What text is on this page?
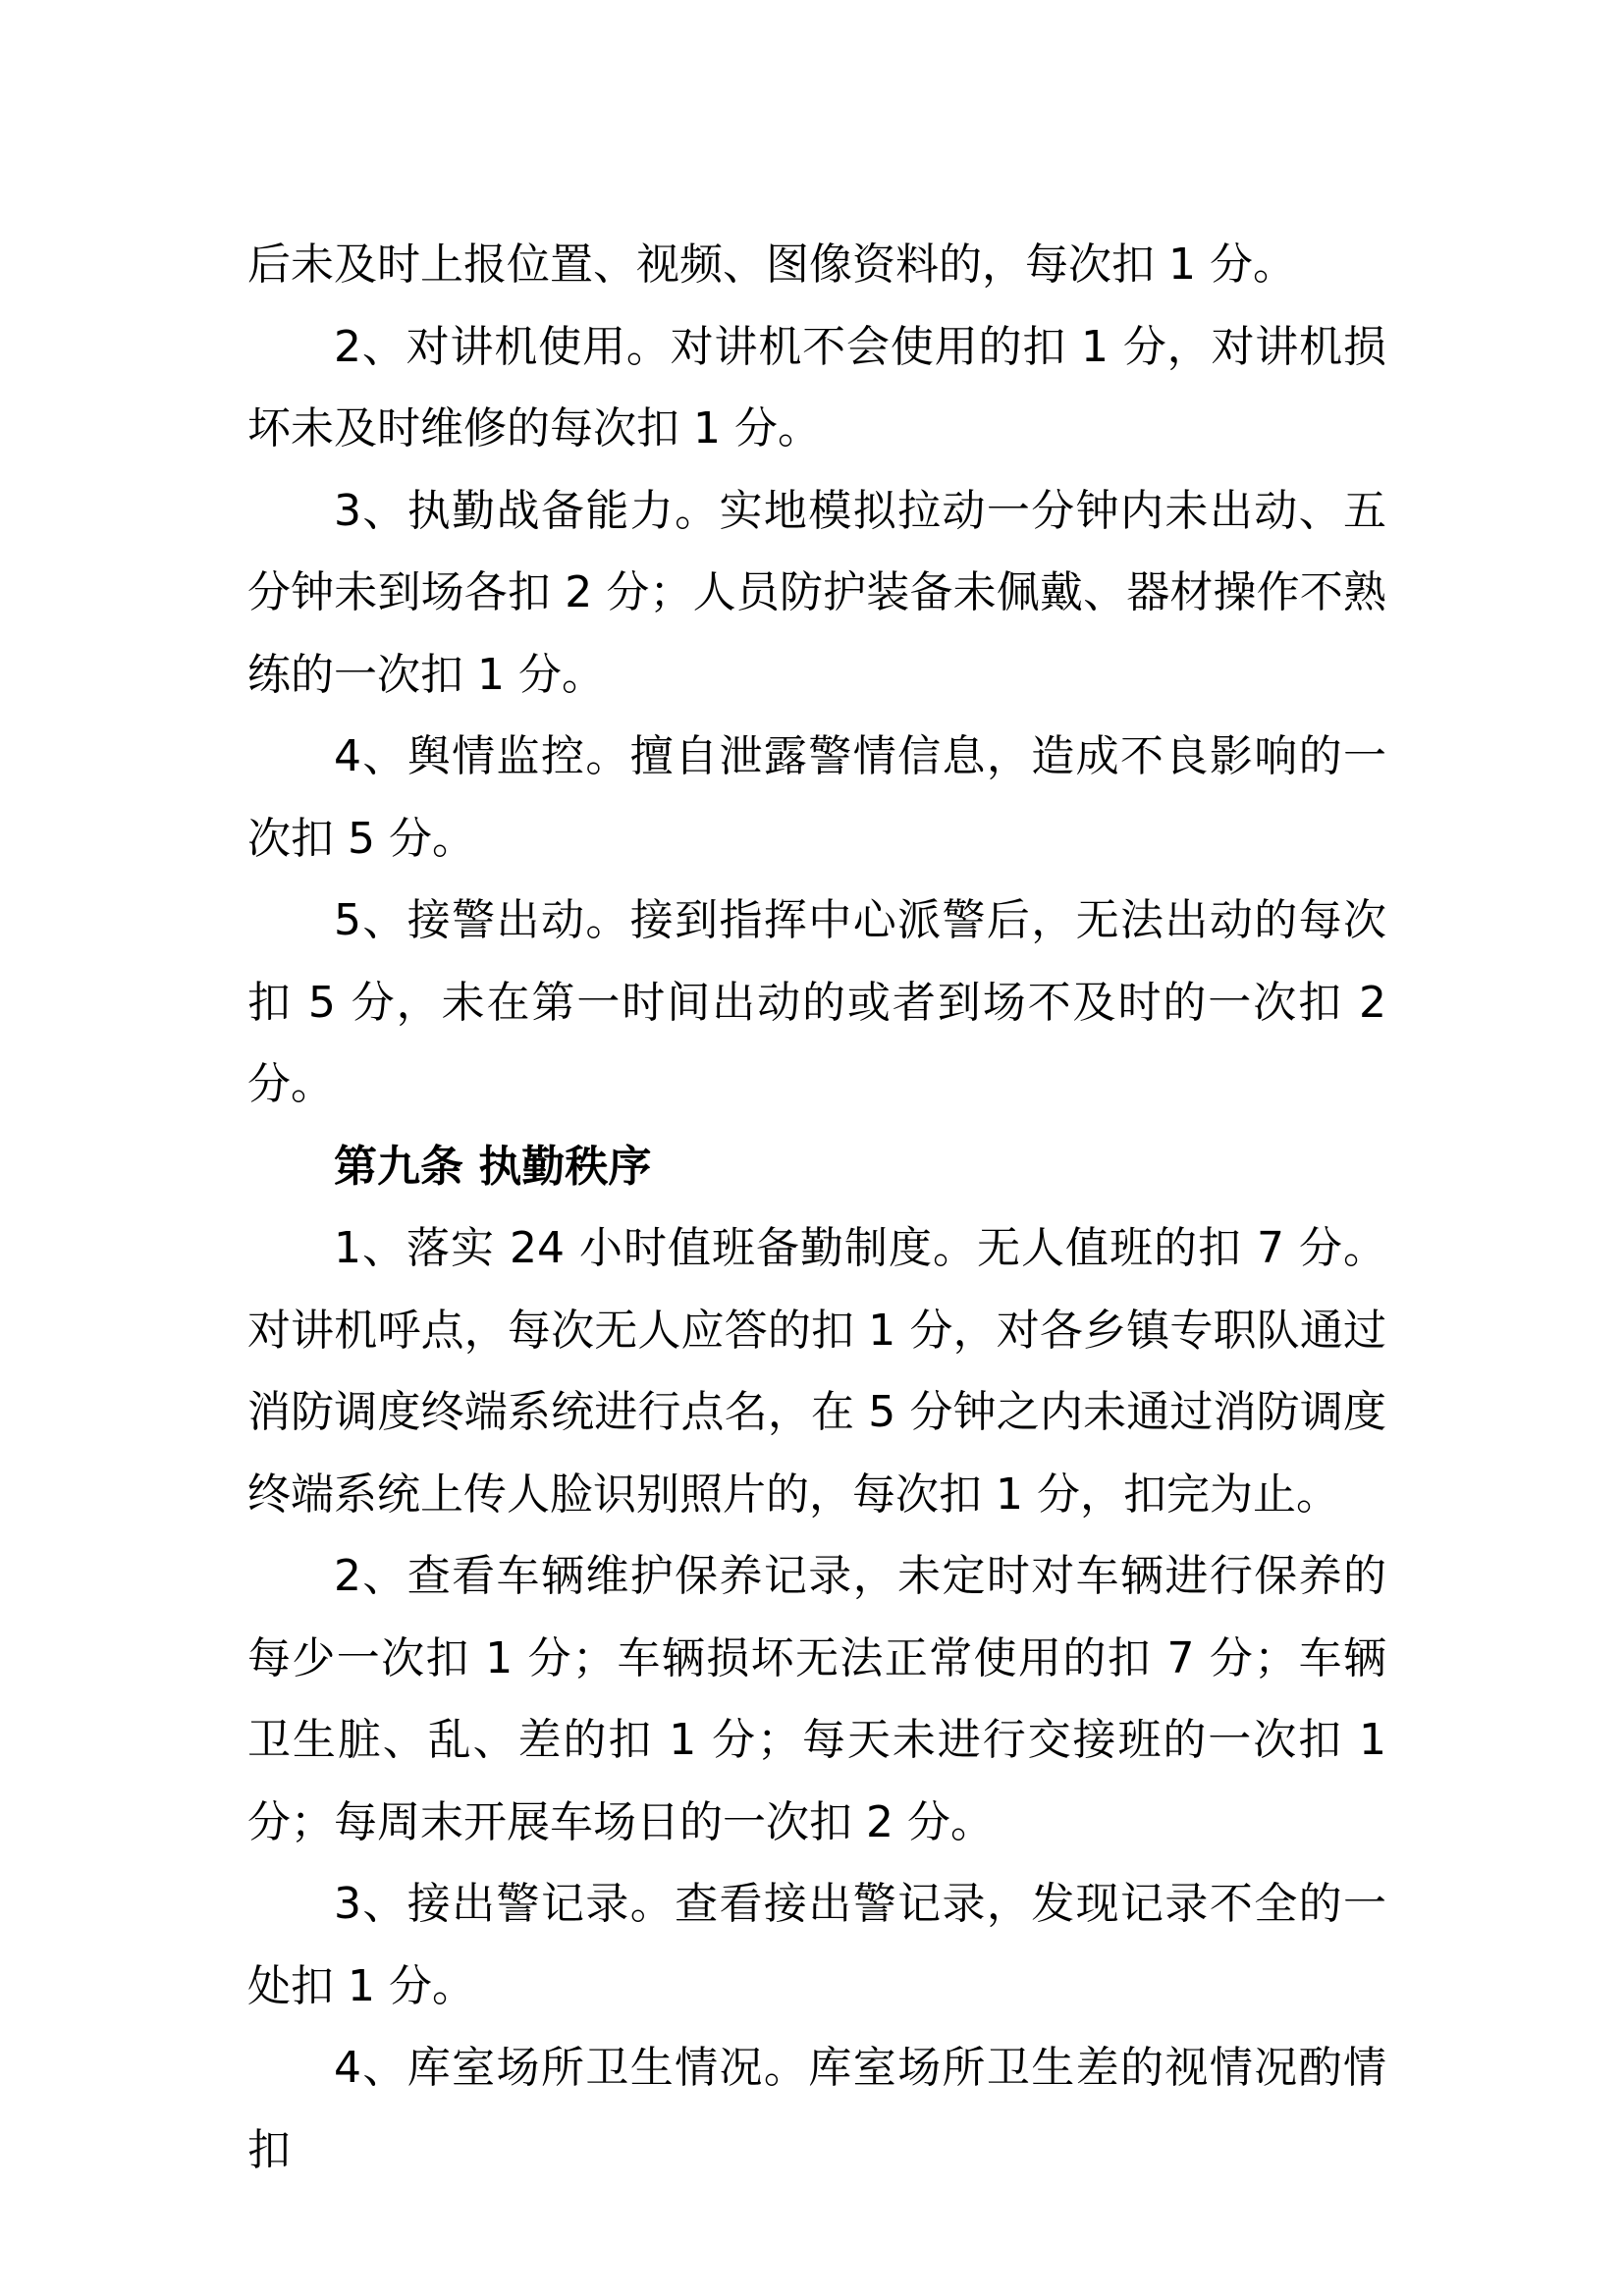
后未及时上报位置、视频、图像资料的，每次扣 1 分。

2、对讲机使用。对讲机不会使用的扣 1 分，对讲机损坏未及时维修的每次扣 1 分。

3、执勤战备能力。实地模拟拉动一分钟内未出动、五分钟未到场各扣 2 分；人员防护装备未佩戴、器材操作不熟练的一次扣 1 分。

4、舆情监控。擅自泄露警情信息，造成不良影响的一次扣 5 分。

5、接警出动。接到指挥中心派警后，无法出动的每次扣 5 分，未在第一时间出动的或者到场不及时的一次扣 2 分。

第九条 执勤秩序

1、落实 24 小时值班备勤制度。无人值班的扣 7 分。对讲机呼点，每次无人应答的扣 1 分，对各乡镇专职队通过消防调度终端系统进行点名，在 5 分钟之内未通过消防调度终端系统上传人脸识别照片的，每次扣 1 分，扣完为止。

2、查看车辆维护保养记录，未定时对车辆进行保养的每少一次扣 1 分；车辆损坏无法正常使用的扣 7 分；车辆卫生脏、乱、差的扣 1 分；每天未进行交接班的一次扣 1 分；每周末开展车场日的一次扣 2 分。

3、接出警记录。查看接出警记录，发现记录不全的一处扣 1 分。

4、库室场所卫生情况。库室场所卫生差的视情况酌情扣
